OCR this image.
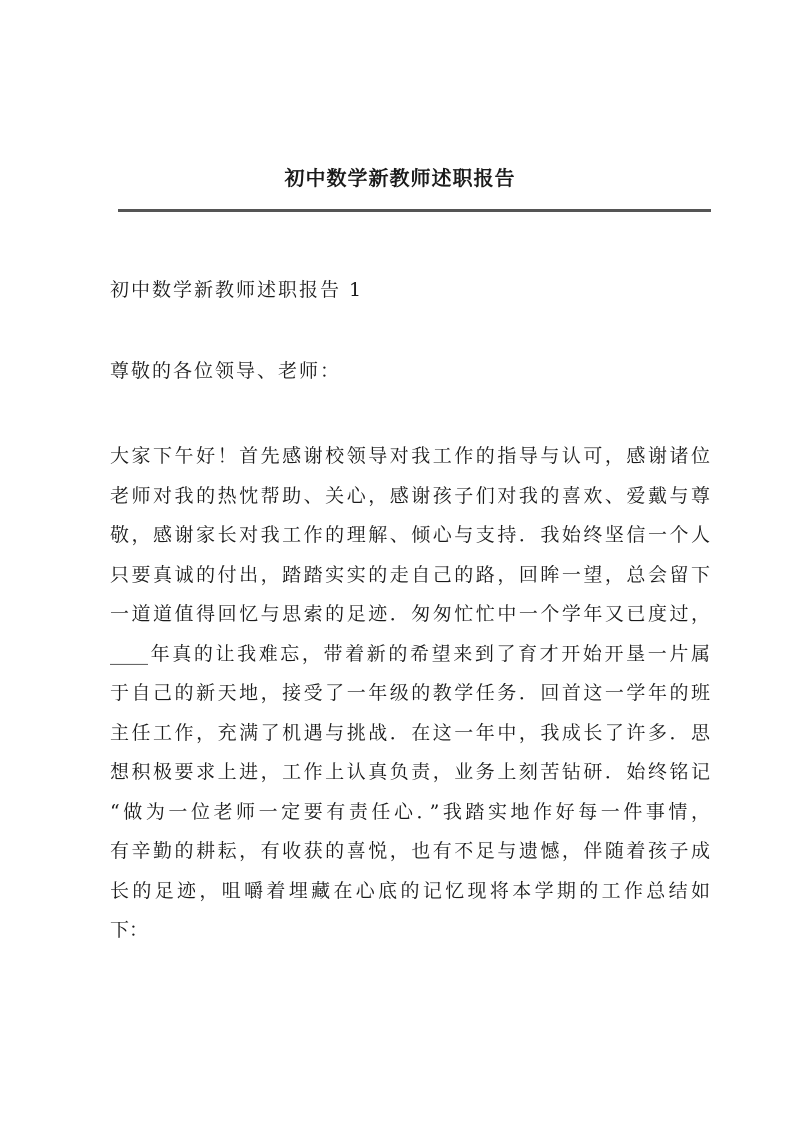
初中数学新教师述职报告
初中数学新教师述职报告 1
尊敬的各位领导、老师：
大家下午好！首先感谢校领导对我工作的指导与认可，感谢诸位
老师对我的热忱帮助、关心，感谢孩子们对我的喜欢、爱戴与尊
敬，感谢家长对我工作的理解、倾心与支持．我始终坚信一个人
只要真诚的付出，踏踏实实的走自己的路，回眸一望，总会留下
一道道值得回忆与思索的足迹．匆匆忙忙中一个学年又已度过，
____年真的让我难忘，带着新的希望来到了育才开始开垦一片属
于自己的新天地，接受了一年级的教学任务．回首这一学年的班
主任工作，充满了机遇与挑战．在这一年中，我成长了许多．思
想积极要求上进，工作上认真负责，业务上刻苦钻研．始终铭记
“做为一位老师一定要有责任心．”我踏实地作好每一件事情，
有辛勤的耕耘，有收获的喜悦，也有不足与遗憾，伴随着孩子成
长的足迹，咀嚼着埋藏在心底的记忆现将本学期的工作总结如
下：
